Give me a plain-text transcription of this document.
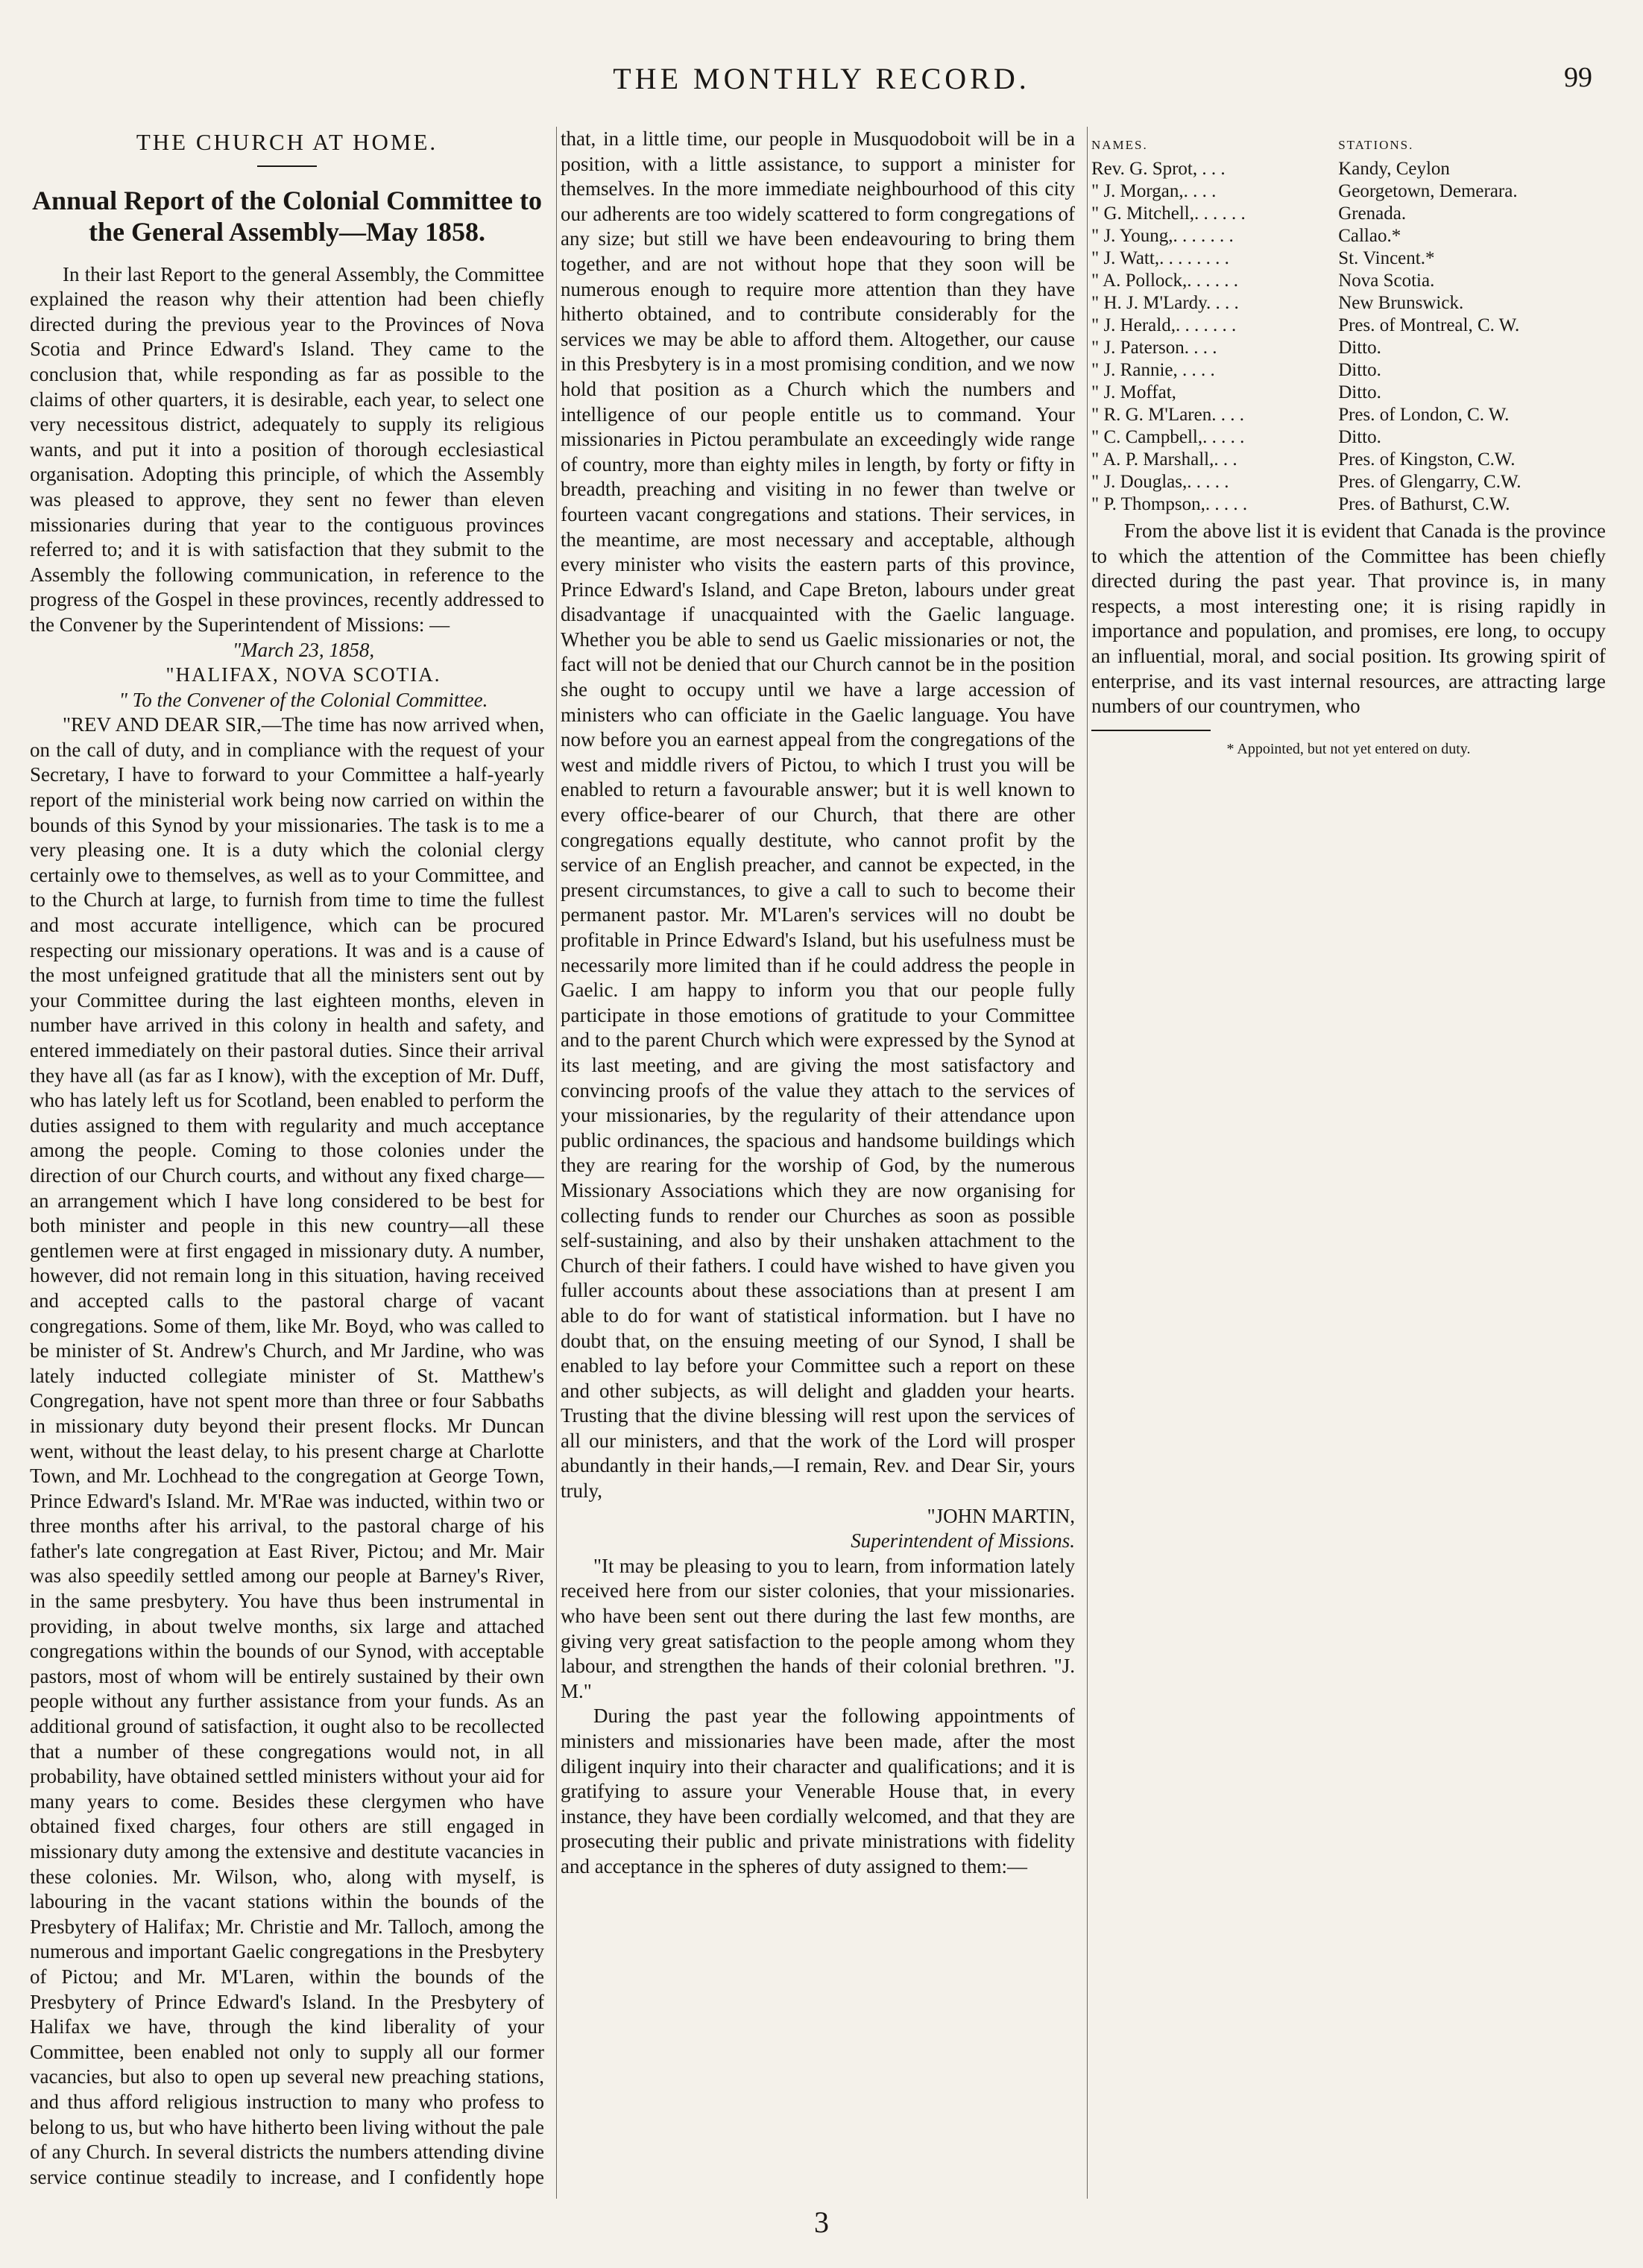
THE MONTHLY RECORD.	99
THE CHURCH AT HOME.
Annual Report of the Colonial Committee to the General Assembly—May 1858.

In their last Report to the general Assembly, the Committee explained the reason why their attention had been chiefly directed during the previous year to the Provinces of Nova Scotia and Prince Edward's Island. They came to the conclusion that, while responding as far as possible to the claims of other quarters, it is desirable, each year, to select one very necessitous district, adequately to supply its religious wants, and put it into a position of thorough ecclesiastical organisation. Adopting this principle, of which the Assembly was pleased to approve, they sent no fewer than eleven missionaries during that year to the contiguous provinces referred to; and it is with satisfaction that they submit to the Assembly the following communication, in reference to the progress of the Gospel in these provinces, recently addressed to the Convener by the Superintendent of Missions: —

"March 23, 1858,

"HALIFAX, NOVA SCOTIA.

" To the Convener of the Colonial Committee.

"REV AND DEAR SIR,—The time has now arrived when, on the call of duty, and in compliance with the request of your Secretary, I have to forward to your Committee a half-yearly report of the ministerial work being now carried on within the bounds of this Synod by your missionaries. The task is to me a very pleasing one. It is a duty which the colonial clergy certainly owe to themselves, as well as to your Committee, and to the Church at large, to furnish from time to time the fullest and most accurate intelligence, which can be procured respecting our missionary operations. It was and is a cause of the most unfeigned gratitude that all the ministers sent out by your Committee during the last eighteen months, eleven in number have arrived in this colony in health and safety, and entered immediately on their pastoral duties. Since their arrival they have all (as far as I know), with the exception of Mr. Duff, who has lately left us for Scotland, been enabled to perform the duties assigned to them with regularity and much acceptance among the people. Coming to those colonies under the direction of our Church courts, and without any fixed charge—an arrangement which I have long considered to be best for both minister and people in this new country—all these gentlemen were at first engaged in missionary duty. A number, however, did not remain long in this situation, having received and accepted calls to the pastoral charge of vacant congregations. Some of them, like Mr. Boyd, who was called to be minister of St. Andrew's Church, and Mr Jardine, who was lately inducted collegiate minister of St. Matthew's Congregation, have not spent more than three or four Sabbaths in missionary duty beyond their present flocks. Mr Duncan went, without the least delay, to his present charge at Charlotte Town, and Mr. Lochhead to the congregation at George Town, Prince Edward's Island. Mr. M'Rae was inducted, within two or three months after his arrival, to the pastoral charge of his father's late congregation at East River, Pictou; and Mr. Mair was also speedily settled among our people at Barney's River, in the same presbytery. You have thus been instrumental in providing, in about twelve months, six large and attached congregations within the bounds of our Synod, with acceptable pastors, most of whom will be entirely sustained by their own people without any further assistance from your funds. As an additional ground of satisfaction, it ought also to be recollected that a number of these congregations would not, in all probability, have obtained settled ministers without your aid for many years to come. Besides these clergymen who have obtained fixed charges, four others are still engaged in missionary duty among the extensive and destitute vacancies in these colonies. Mr. Wilson, who, along with myself, is labouring in the vacant stations within the bounds of the Presbytery of Halifax; Mr. Christie and Mr. Talloch, among the numerous and important Gaelic congregations in the Presbytery of Pictou; and Mr. M'Laren, within the bounds of the Presbytery of Prince Edward's Island. In the Presbytery of Halifax we have, through the kind liberality of your Committee, been enabled not only to supply all our former vacancies, but also to open up several new preaching stations, and thus afford religious instruction to many who profess to belong to us, but who have hitherto been living without the pale of any Church. In several districts the numbers attending divine service continue steadily to increase, and I confidently hope

that, in a little time, our people in Musquodoboit will be in a position, with a little assistance, to support a minister for themselves. In the more immediate neighbourhood of this city our adherents are too widely scattered to form congregations of any size; but still we have been endeavouring to bring them together, and are not without hope that they soon will be numerous enough to require more attention than they have hitherto obtained, and to contribute considerably for the services we may be able to afford them. Altogether, our cause in this Presbytery is in a most promising condition, and we now hold that position as a Church which the numbers and intelligence of our people entitle us to command. Your missionaries in Pictou perambulate an exceedingly wide range of country, more than eighty miles in length, by forty or fifty in breadth, preaching and visiting in no fewer than twelve or fourteen vacant congregations and stations. Their services, in the meantime, are most necessary and acceptable, although every minister who visits the eastern parts of this province, Prince Edward's Island, and Cape Breton, labours under great disadvantage if unacquainted with the Gaelic language. Whether you be able to send us Gaelic missionaries or not, the fact will not be denied that our Church cannot be in the position she ought to occupy until we have a large accession of ministers who can officiate in the Gaelic language. You have now before you an earnest appeal from the congregations of the west and middle rivers of Pictou, to which I trust you will be enabled to return a favourable answer; but it is well known to every office-bearer of our Church, that there are other congregations equally destitute, who cannot profit by the service of an English preacher, and cannot be expected, in the present circumstances, to give a call to such to become their permanent pastor. Mr. M'Laren's services will no doubt be profitable in Prince Edward's Island, but his usefulness must be necessarily more limited than if he could address the people in Gaelic. I am happy to inform you that our people fully participate in those emotions of gratitude to your Committee and to the parent Church which were expressed by the Synod at its last meeting, and are giving the most satisfactory and convincing proofs of the value they attach to the services of your missionaries, by the regularity of their attendance upon public ordinances, the spacious and handsome buildings which they are rearing for the worship of God, by the numerous Missionary Associations which they are now organising for collecting funds to render our Churches as soon as possible self-sustaining, and also by their unshaken attachment to the Church of their fathers. I could have wished to have given you fuller accounts about these associations than at present I am able to do for want of statistical information. but I have no doubt that, on the ensuing meeting of our Synod, I shall be enabled to lay before your Committee such a report on these and other subjects, as will delight and gladden your hearts. Trusting that the divine blessing will rest upon the services of all our ministers, and that the work of the Lord will prosper abundantly in their hands,—I remain, Rev. and Dear Sir, yours truly,

"JOHN MARTIN,

Superintendent of Missions.

"It may be pleasing to you to learn, from information lately received here from our sister colonies, that your missionaries. who have been sent out there during the last few months, are giving very great satisfaction to the people among whom they labour, and strengthen the hands of their colonial brethren. "J. M."

During the past year the following appointments of ministers and missionaries have been made, after the most diligent inquiry into their character and qualifications; and it is gratifying to assure your Venerable House that, in every instance, they have been cordially welcomed, and that they are prosecuting their public and private ministrations with fidelity and acceptance in the spheres of duty assigned to them:—

NAMES.	STATIONS.
Rev. G. Sprot, . . .	Kandy, Ceylon
" J. Morgan,. . . .	Georgetown, Demerara.
" G. Mitchell,. . . . . .	Grenada.
" J. Young,. . . . . . .	Callao.*
" J. Watt,. . . . . . . .	St. Vincent.*
" A. Pollock,. . . . . .	Nova Scotia.
" H. J. M'Lardy. . . .	New Brunswick.
" J. Herald,. . . . . . .	Pres. of Montreal, C. W.
" J. Paterson. . . .	Ditto.
" J. Rannie, . . . .	Ditto.
" J. Moffat,	Ditto.
" R. G. M'Laren. . . .	Pres. of London, C. W.
" C. Campbell,. . . . .	Ditto.
" A. P. Marshall,. . .	Pres. of Kingston, C.W.
" J. Douglas,. . . . .	Pres. of Glengarry, C.W.
" P. Thompson,. . . . .	Pres. of Bathurst, C.W.

From the above list it is evident that Canada is the province to which the attention of the Committee has been chiefly directed during the past year. That province is, in many respects, a most interesting one; it is rising rapidly in importance and population, and promises, ere long, to occupy an influential, moral, and social position. Its growing spirit of enterprise, and its vast internal resources, are attracting large numbers of our countrymen, who

* Appointed, but not yet entered on duty.

3
